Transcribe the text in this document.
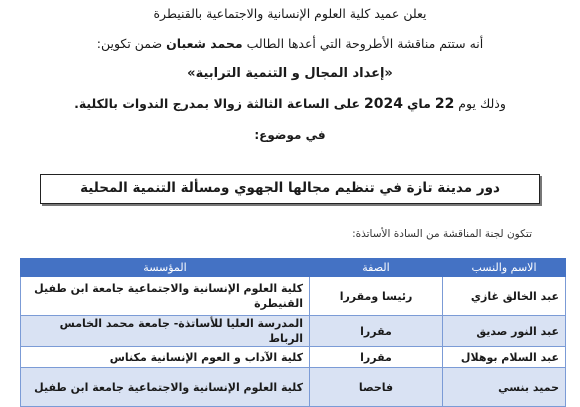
يعلن عميد كلية العلوم الإنسانية والاجتماعية بالقنيطرة
أنه ستتم مناقشة الأطروحة التي أعدها الطالب محمد شعبان ضمن تكوين:
«إعداد المجال و التنمية الترابية»
وذلك يوم 22 ماي 2024 على الساعة الثالثة زوالا بمدرج الندوات بالكلية.
في موضوع:
دور مدينة تازة في تنظيم مجالها الجهوي ومسألة التنمية المحلية
تتكون لجنة المناقشة من السادة الأساتذة:
الاسم والنسب	الصفة	المؤسسة
عبد الخالق غازي	رئيسا ومقررا	كلية العلوم الإنسانية والاجتماعية جامعة ابن طفيل القنيطرة
عبد النور صديق	مقررا	المدرسة العليا للأساتذة- جامعة محمد الخامس الرباط
عبد السلام بوهلال	مقررا	كلية الآداب و العوم الإنسانية مكناس
حميد بنسي	فاحصا	كلية العلوم الإنسانية والاجتماعية جامعة ابن طفيل
